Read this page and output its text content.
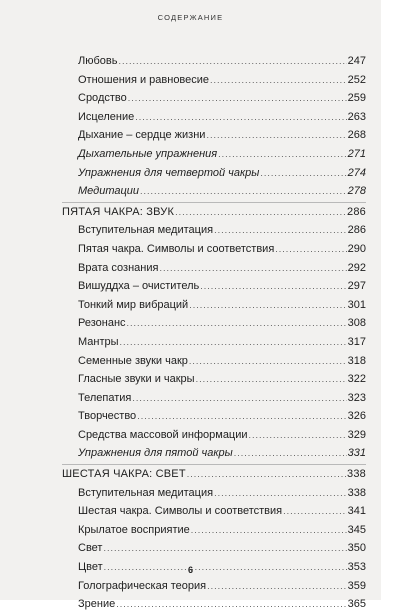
СОДЕРЖАНИЕ
Любовь .....	247
Отношения и равновесие .....	252
Сродство .....	259
Исцеление .....	263
Дыхание – сердце жизни .....	268
Дыхательные упражнения .....	271
Упражнения для четвертой чакры .....	274
Медитации .....	278
ПЯТАЯ ЧАКРА: ЗВУК .....	286
Вступительная медитация .....	286
Пятая чакра. Символы и соответствия .....	290
Врата сознания .....	292
Вишуддха – очиститель .....	297
Тонкий мир вибраций .....	301
Резонанс .....	308
Мантры .....	317
Семенные звуки чакр .....	318
Гласные звуки и чакры .....	322
Телепатия .....	323
Творчество .....	326
Средства массовой информации .....	329
Упражнения для пятой чакры .....	331
ШЕСТАЯ ЧАКРА: СВЕТ .....	338
Вступительная медитация .....	338
Шестая чакра. Символы и соответствия .....	341
Крылатое восприятие .....	345
Свет .....	350
Цвет .....	353
Голографическая теория .....	359
Зрение .....	365
6
